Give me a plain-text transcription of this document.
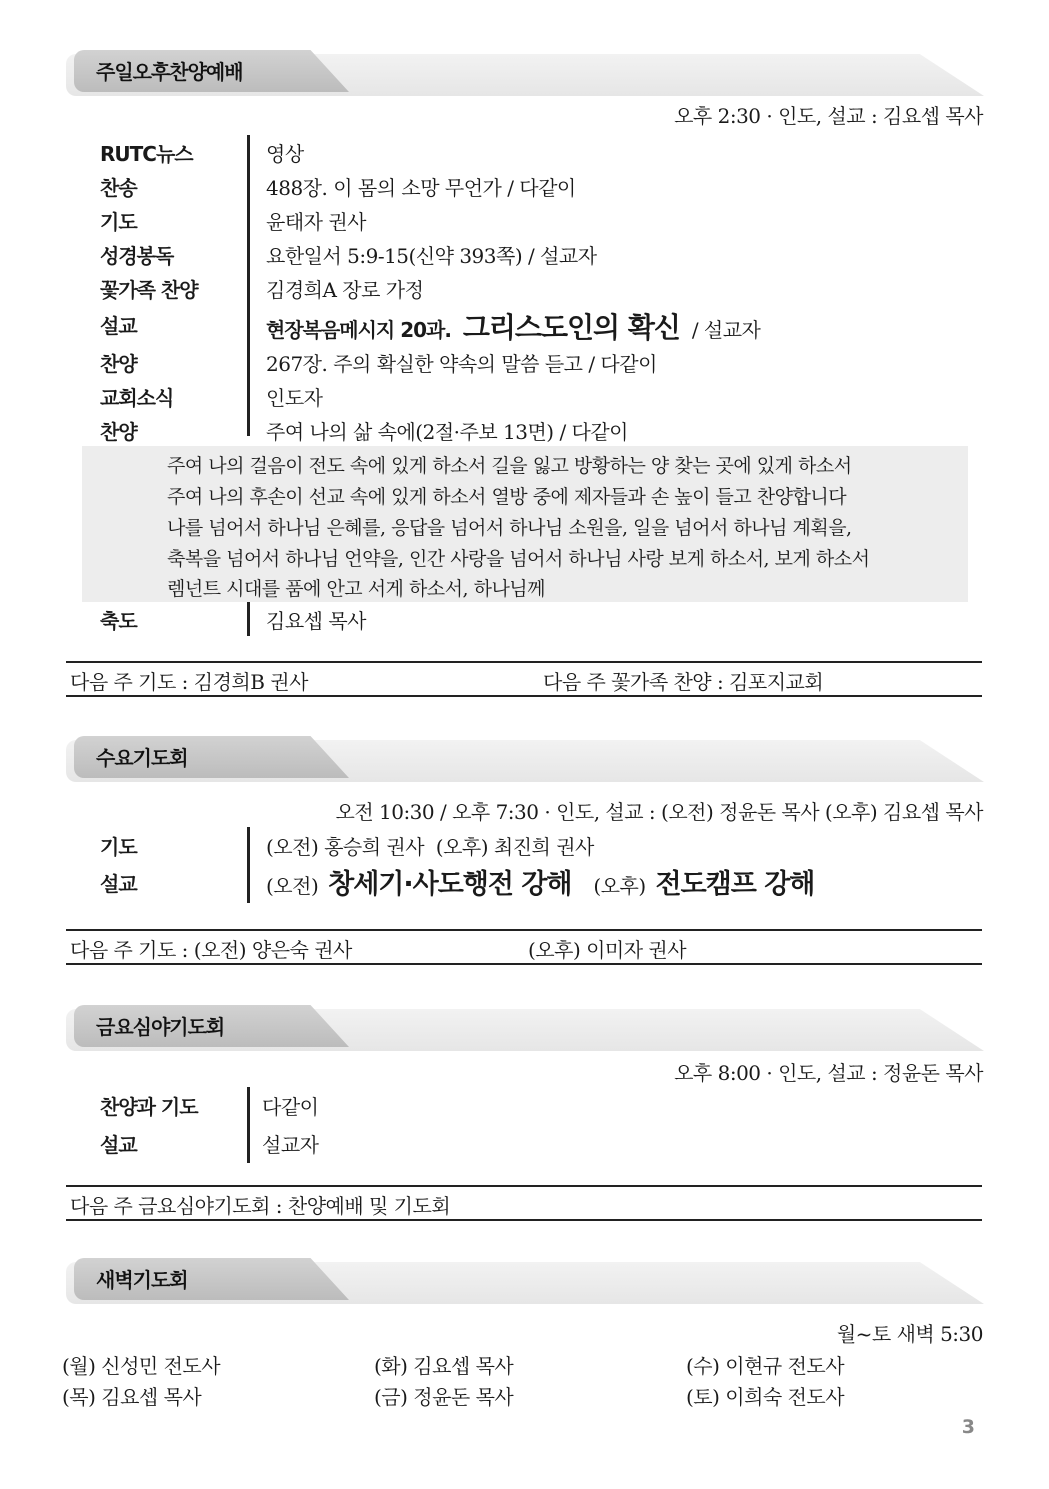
주일오후찬양예배
오후 2:30 · 인도, 설교 : 김요셉 목사
RUTC뉴스	영상
찬송	488장. 이 몸의 소망 무언가 / 다같이
기도	윤태자 권사
성경봉독	요한일서 5:9-15(신약 393쪽) / 설교자
꽃가족 찬양	김경희A 장로 가정
설교	현장복음메시지 20과. 그리스도인의 확신 / 설교자
찬양	267장. 주의 확실한 약속의 말씀 듣고 / 다같이
교회소식	인도자
찬양	주여 나의 삶 속에(2절·주보 13면) / 다같이
주여 나의 걸음이 전도 속에 있게 하소서 길을 잃고 방황하는 양 찾는 곳에 있게 하소서
주여 나의 후손이 선교 속에 있게 하소서 열방 중에 제자들과 손 높이 들고 찬양합니다
나를 넘어서 하나님 은혜를, 응답을 넘어서 하나님 소원을, 일을 넘어서 하나님 계획을,
축복을 넘어서 하나님 언약을, 인간 사랑을 넘어서 하나님 사랑 보게 하소서, 보게 하소서
렘넌트 시대를 품에 안고 서게 하소서, 하나님께
축도	김요셉 목사
다음 주 기도 : 김경희B 권사	다음 주 꽃가족 찬양 : 김포지교회
수요기도회
오전 10:30 / 오후 7:30 · 인도, 설교 : (오전) 정윤돈 목사 (오후) 김요셉 목사
기도	(오전) 홍승희 권사  (오후) 최진희 권사
설교	(오전) 창세기·사도행전 강해 (오후) 전도캠프 강해
다음 주 기도 : (오전) 양은숙 권사	(오후) 이미자 권사
금요심야기도회
오후 8:00 · 인도, 설교 : 정윤돈 목사
찬양과 기도	다같이
설교	설교자
다음 주 금요심야기도회 : 찬양예배 및 기도회
새벽기도회
월~토 새벽 5:30
(월) 신성민 전도사	(화) 김요셉 목사	(수) 이현규 전도사
(목) 김요셉 목사	(금) 정윤돈 목사	(토) 이희숙 전도사
3
